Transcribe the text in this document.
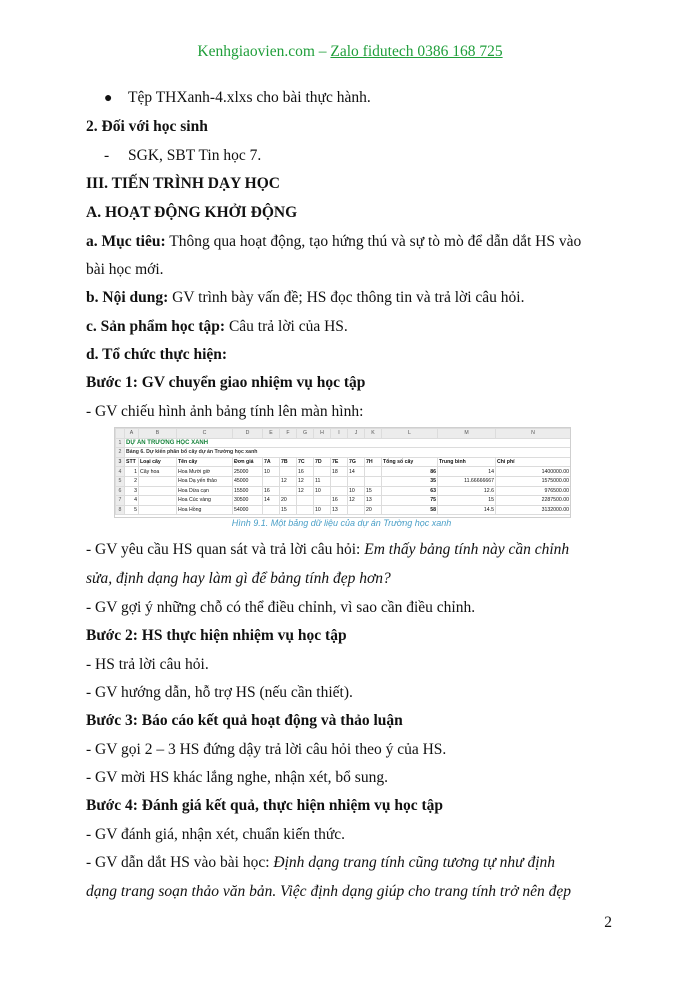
Kenhgiaovien.com – Zalo fidutech 0386 168 725
● Tệp THXanh-4.xlxs cho bài thực hành.
2. Đối với học sinh
- SGK, SBT Tin học 7.
III. TIẾN TRÌNH DẠY HỌC
A. HOẠT ĐỘNG KHỞI ĐỘNG
a. Mục tiêu: Thông qua hoạt động, tạo hứng thú và sự tò mò để dẫn dắt HS vào
bài học mới.
b. Nội dung: GV trình bày vấn đề; HS đọc thông tin và trả lời câu hỏi.
c. Sản phẩm học tập: Câu trả lời của HS.
d. Tổ chức thực hiện:
Bước 1: GV chuyển giao nhiệm vụ học tập
- GV chiếu hình ảnh bảng tính lên màn hình:
	A	B	C	D	E	F	G	H	I	J	K	L	M	N
1	DỰ ÁN TRƯỜNG HỌC XANH													
2	Bảng 6. Dự kiến phân bổ cây dự án Trường học xanh													
3	STT	Loại cây	Tên cây	Đơn giá	7A	7B	7C	7D	7E	7G	7H	Tổng số cây	Trung bình	Chi phí
4	1	Cây hoa	Hoa Mười giờ	25000	10		16		18	14		86	14	1400000.00
5	2		Hoa Dạ yến thảo	45000		12	12	11				35	11.66666667	1575000.00
6	3		Hoa Dừa cạn	15500	16		12	10		10	15	63	12.6	976500.00
7	4		Hoa Cúc vàng	30500	14	20			16	12	13	75	15	2287500.00
8	5		Hoa Hồng	54000		15		10	13		20	58	14.5	3132000.00
Hình 9.1. Một bảng dữ liệu của dự án Trường học xanh
- GV yêu cầu HS quan sát và trả lời câu hỏi: Em thấy bảng tính này cần chỉnh
sửa, định dạng hay làm gì để bảng tính đẹp hơn?
- GV gợi ý những chỗ có thể điều chỉnh, vì sao cần điều chỉnh.
Bước 2: HS thực hiện nhiệm vụ học tập
- HS trả lời câu hỏi.
- GV hướng dẫn, hỗ trợ HS (nếu cần thiết).
Bước 3: Báo cáo kết quả hoạt động và thảo luận
- GV gọi 2 – 3 HS đứng dậy trả lời câu hỏi theo ý của HS.
- GV mời HS khác lắng nghe, nhận xét, bổ sung.
Bước 4: Đánh giá kết quả, thực hiện nhiệm vụ học tập
- GV đánh giá, nhận xét, chuẩn kiến thức.
- GV dẫn dắt HS vào bài học: Định dạng trang tính cũng tương tự như định
dạng trang soạn thảo văn bản. Việc định dạng giúp cho trang tính trở nên đẹp
2
